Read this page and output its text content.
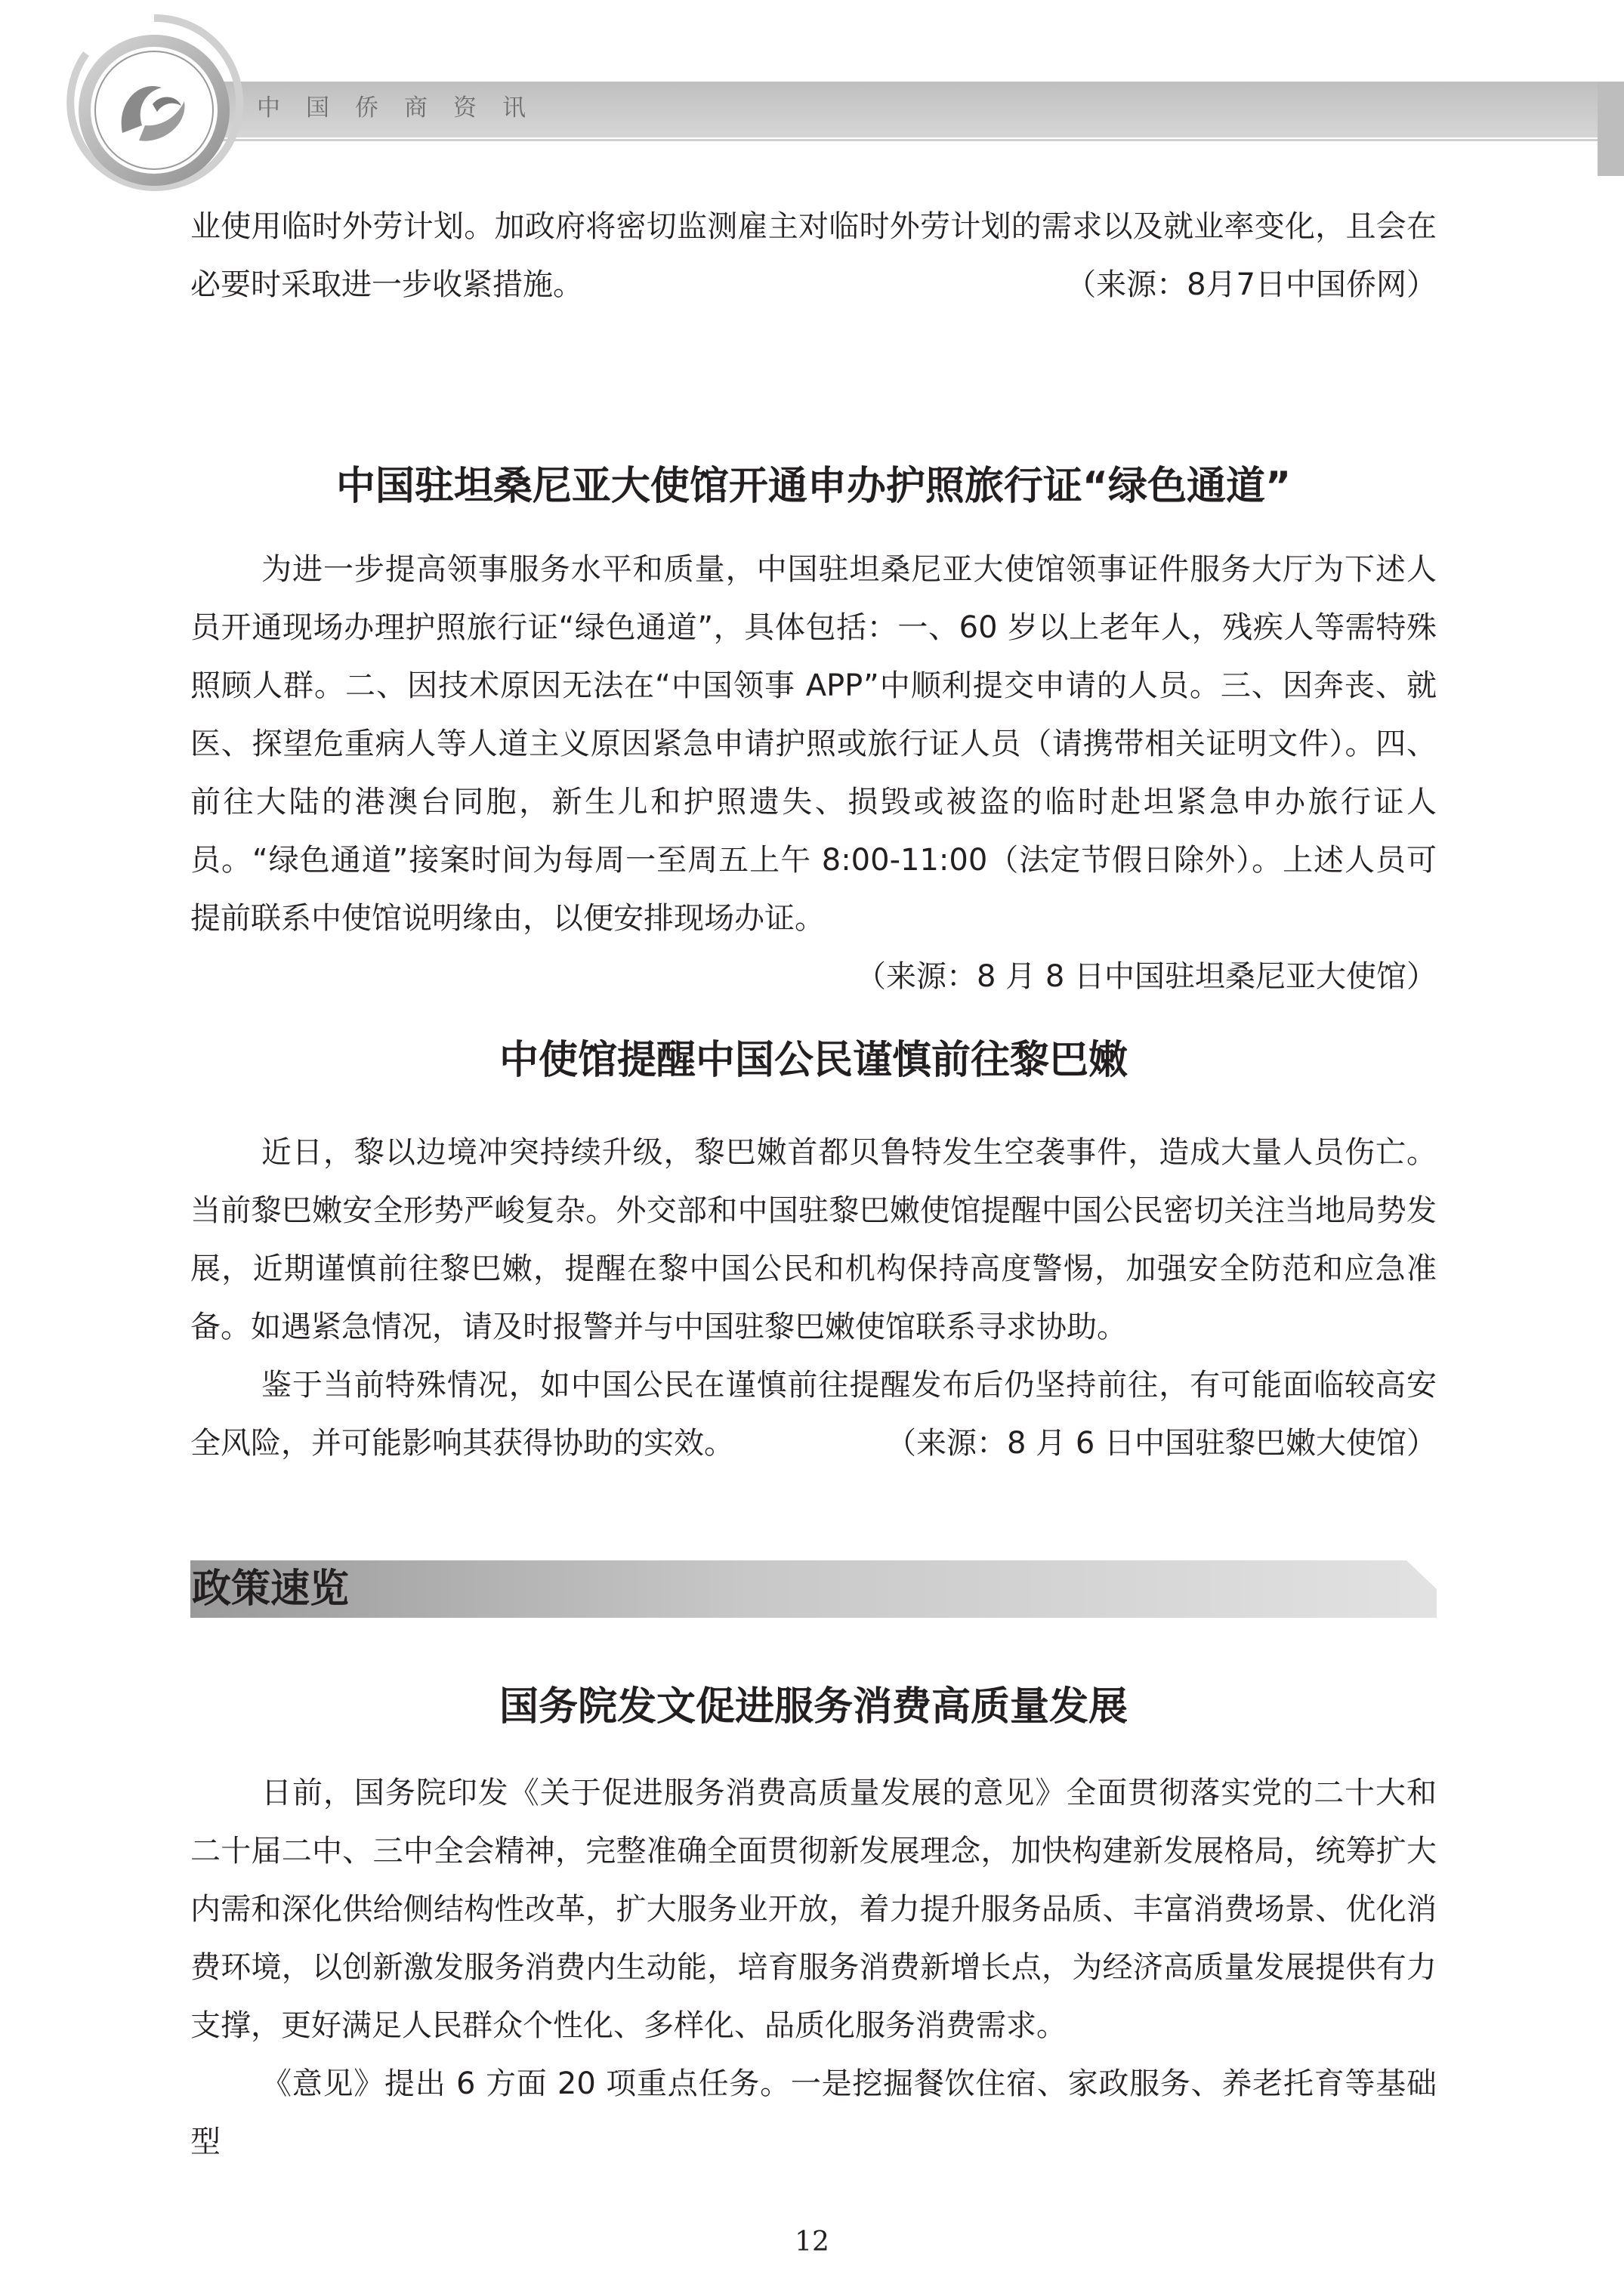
中国侨商资讯
业使用临时外劳计划。加政府将密切监测雇主对临时外劳计划的需求以及就业率变化，且会在必要时采取进一步收紧措施。	（来源：8月7日中国侨网）
中国驻坦桑尼亚大使馆开通申办护照旅行证“绿色通道”
为进一步提高领事服务水平和质量，中国驻坦桑尼亚大使馆领事证件服务大厅为下述人员开通现场办理护照旅行证“绿色通道”，具体包括：一、60 岁以上老年人，残疾人等需特殊照顾人群。二、因技术原因无法在“中国领事 APP”中顺利提交申请的人员。三、因奔丧、就医、探望危重病人等人道主义原因紧急申请护照或旅行证人员（请携带相关证明文件）。四、前往大陆的港澳台同胞，新生儿和护照遗失、损毁或被盗的临时赴坦紧急申办旅行证人员。“绿色通道”接案时间为每周一至周五上午 8:00-11:00（法定节假日除外）。上述人员可提前联系中使馆说明缘由，以便安排现场办证。
（来源：8 月 8 日中国驻坦桑尼亚大使馆）
中使馆提醒中国公民谨慎前往黎巴嫩
近日，黎以边境冲突持续升级，黎巴嫩首都贝鲁特发生空袭事件，造成大量人员伤亡。当前黎巴嫩安全形势严峻复杂。外交部和中国驻黎巴嫩使馆提醒中国公民密切关注当地局势发展，近期谨慎前往黎巴嫩，提醒在黎中国公民和机构保持高度警惕，加强安全防范和应急准备。如遇紧急情况，请及时报警并与中国驻黎巴嫩使馆联系寻求协助。
鉴于当前特殊情况，如中国公民在谨慎前往提醒发布后仍坚持前往，有可能面临较高安全风险，并可能影响其获得协助的实效。	（来源：8 月 6 日中国驻黎巴嫩大使馆）
政策速览
国务院发文促进服务消费高质量发展
日前，国务院印发《关于促进服务消费高质量发展的意见》全面贯彻落实党的二十大和二十届二中、三中全会精神，完整准确全面贯彻新发展理念，加快构建新发展格局，统筹扩大内需和深化供给侧结构性改革，扩大服务业开放，着力提升服务品质、丰富消费场景、优化消费环境，以创新激发服务消费内生动能，培育服务消费新增长点，为经济高质量发展提供有力支撑，更好满足人民群众个性化、多样化、品质化服务消费需求。
《意见》提出 6 方面 20 项重点任务。一是挖掘餐饮住宿、家政服务、养老托育等基础型
12
